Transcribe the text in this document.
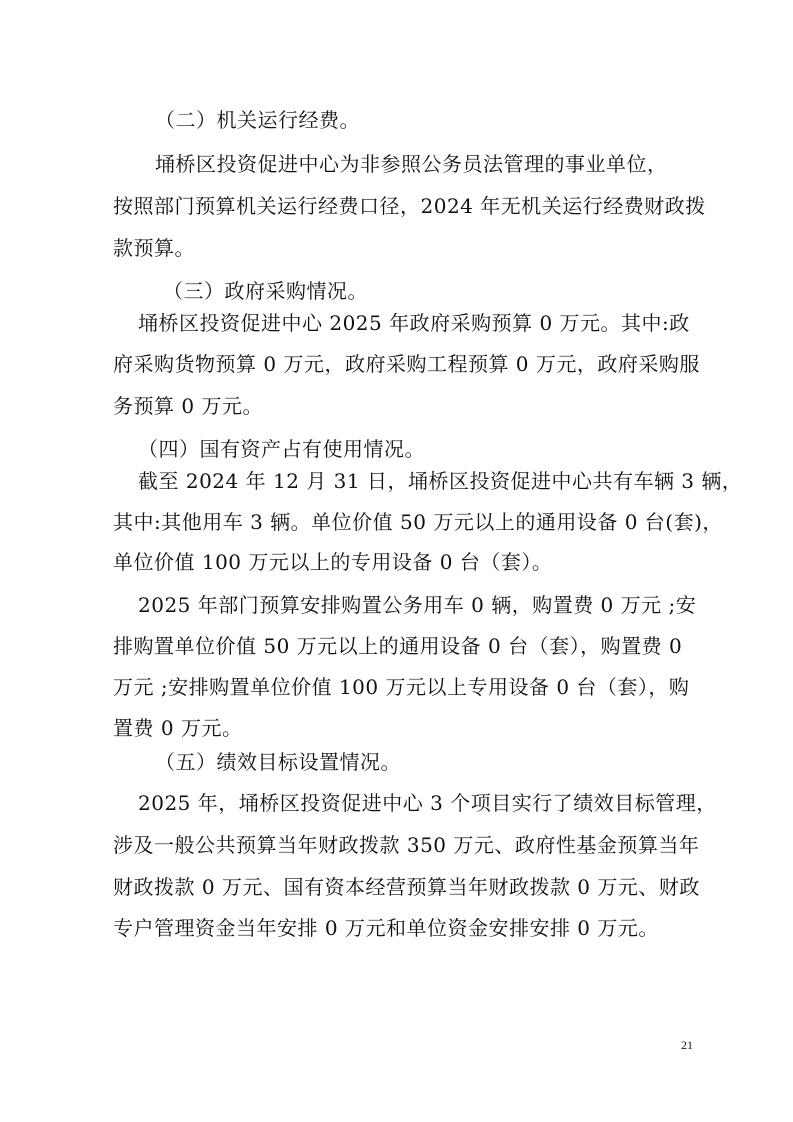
（二）机关运行经费。
埇桥区投资促进中心为非参照公务员法管理的事业单位，
按照部门预算机关运行经费口径，2024 年无机关运行经费财政拨
款预算。
（三）政府采购情况。
埇桥区投资促进中心 2025 年政府采购预算 0 万元。其中:政
府采购货物预算 0 万元，政府采购工程预算 0 万元，政府采购服
务预算 0 万元。
（四）国有资产占有使用情况。
截至 2024 年 12 月 31 日，埇桥区投资促进中心共有车辆 3 辆，
其中:其他用车 3 辆。单位价值 50 万元以上的通用设备 0 台(套)，
单位价值 100 万元以上的专用设备 0 台（套）。
2025 年部门预算安排购置公务用车 0 辆，购置费 0 万元 ;安
排购置单位价值 50 万元以上的通用设备 0 台（套），购置费 0
万元 ;安排购置单位价值 100 万元以上专用设备 0 台（套），购
置费 0 万元。
（五）绩效目标设置情况。
2025 年，埇桥区投资促进中心 3 个项目实行了绩效目标管理，
涉及一般公共预算当年财政拨款 350 万元、政府性基金预算当年
财政拨款 0 万元、国有资本经营预算当年财政拨款 0 万元、财政
专户管理资金当年安排 0 万元和单位资金安排安排 0 万元。
21
